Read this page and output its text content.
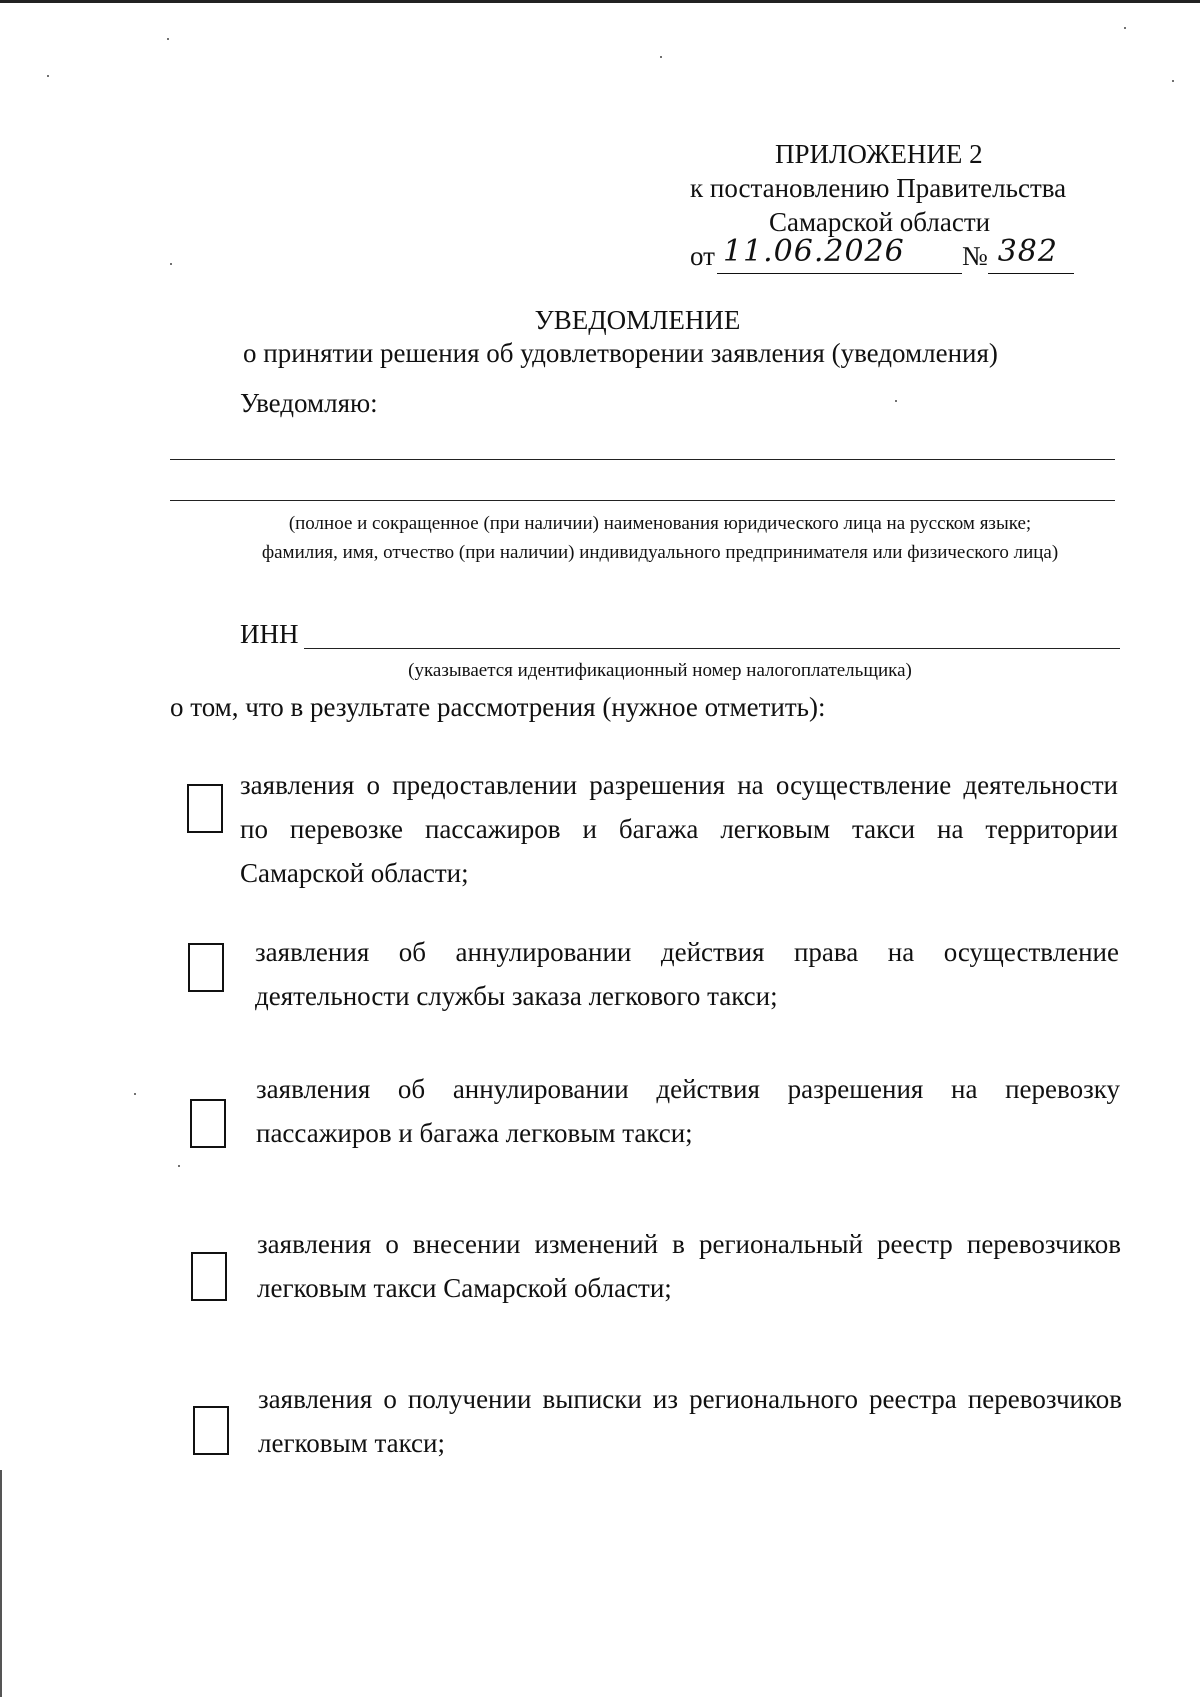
ПРИЛОЖЕНИЕ 2
к постановлению Правительства
Самарской области
от 11.06.2026 № 382
УВЕДОМЛЕНИЕ
о принятии решения об удовлетворении заявления (уведомления)
Уведомляю:
(полное и сокращенное (при наличии) наименования юридического лица на русском языке;
фамилия, имя, отчество (при наличии) индивидуального предпринимателя или физического лица)
ИНН
(указывается идентификационный номер налогоплательщика)
о том, что в результате рассмотрения (нужное отметить):
заявления о предоставлении разрешения на осуществление деятельности по перевозке пассажиров и багажа легковым такси на территории Самарской области;
заявления об аннулировании действия права на осуществление деятельности службы заказа легкового такси;
заявления об аннулировании действия разрешения на перевозку пассажиров и багажа легковым такси;
заявления о внесении изменений в региональный реестр перевозчиков легковым такси Самарской области;
заявления о получении выписки из регионального реестра перевозчиков легковым такси;
